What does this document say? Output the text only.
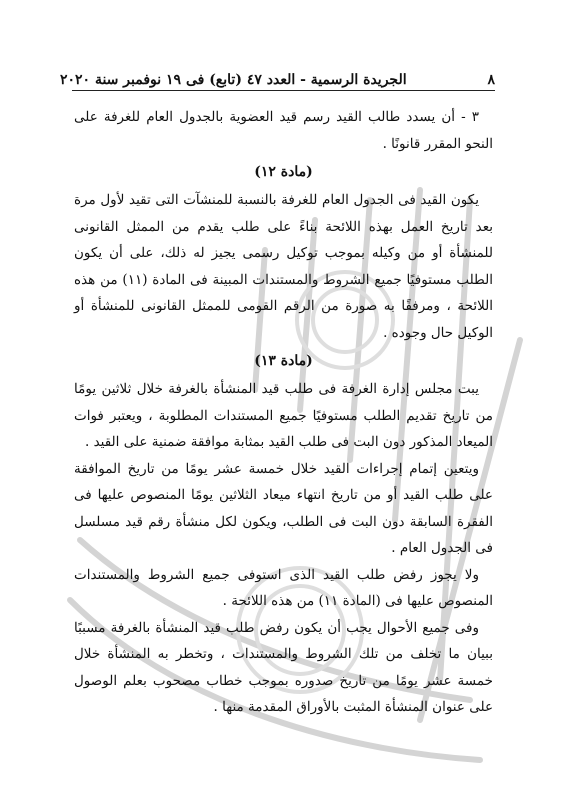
٨
الجريدة الرسمية - العدد ٤٧ (تابع) فى ١٩ نوفمبر سنة ٢٠٢٠

٣ - أن يسدد طالب القيد رسم قيد العضوية بالجدول العام للغرفة على النحو المقرر قانونًا .

(مادة ١٢)

يكون القيد فى الجدول العام للغرفة بالنسبة للمنشآت التى تقيد لأول مرة بعد تاريخ العمل بهذه اللائحة بناءً على طلب يقدم من الممثل القانونى للمنشأة أو من وكيله بموجب توكيل رسمى يجيز له ذلك، على أن يكون الطلب مستوفيًا جميع الشروط والمستندات المبينة فى المادة (١١) من هذه اللائحة ، ومرفقًا به صورة من الرقم القومى للممثل القانونى للمنشأة أو الوكيل حال وجوده .

(مادة ١٣)

يبت مجلس إدارة الغرفة فى طلب قيد المنشأة بالغرفة خلال ثلاثين يومًا من تاريخ تقديم الطلب مستوفيًا جميع المستندات المطلوبة ، ويعتبر فوات الميعاد المذكور دون البت فى طلب القيد بمثابة موافقة ضمنية على القيد .

ويتعين إتمام إجراءات القيد خلال خمسة عشر يومًا من تاريخ الموافقة على طلب القيد أو من تاريخ انتهاء ميعاد الثلاثين يومًا المنصوص عليها فى الفقرة السابقة دون البت فى الطلب، ويكون لكل منشأة رقم قيد مسلسل فى الجدول العام .

ولا يجوز رفض طلب القيد الذى استوفى جميع الشروط والمستندات المنصوص عليها فى (المادة ١١) من هذه اللائحة .

وفى جميع الأحوال يجب أن يكون رفض طلب قيد المنشأة بالغرفة مسببًا ببيان ما تخلف من تلك الشروط والمستندات ، وتخطر به المنشأة خلال خمسة عشر يومًا من تاريخ صدوره بموجب خطاب مصحوب بعلم الوصول على عنوان المنشأة المثبت بالأوراق المقدمة منها .
